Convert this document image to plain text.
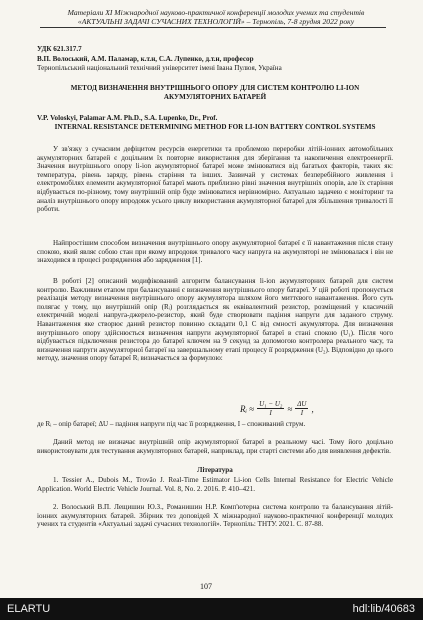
Матеріали XI Міжнародної науково-практичної конференції молодих учених та студентів
«АКТУАЛЬНІ ЗАДАЧІ СУЧАСНИХ ТЕХНОЛОГІЙ» – Тернопіль, 7-8 грудня 2022 року

УДК 621.317.7

В.П. Волоський, А.М. Паламар, к.т.н, С.А. Лупенко, д.т.н, професор

Тернопільський національний технічний університет імені Івана Пулюя, Україна

МЕТОД ВИЗНАЧЕННЯ ВНУТРІШНЬОГО ОПОРУ ДЛЯ СИСТЕМ КОНТРОЛЮ LI-ION АКУМУЛЯТОРНИХ БАТАРЕЙ

V.P. Voloskyi, Palamar A.M. Ph.D., S.A. Lupenko, Dr., Prof.

INTERNAL RESISTANCE DETERMINING METHOD FOR LI-ION BATTERY CONTROL SYSTEMS

У зв'язку з сучасним дефіцитом ресурсів енергетики та проблемою переробки літій-іонних автомобільних акумуляторних батарей є доцільним їх повторне використання для зберігання та накопичення електроенергії. Значення внутрішнього опору li-ion акумуляторної батареї може змінюватися від багатьох факторів, таких як: температура, рівень заряду, рівень старіння та інших. Зазвичай у системах безперебійного живлення і електромобілях елементи акумуляторної батареї мають приблизно рівні значення внутрішніх опорів, але їх старіння відбувається по-різному, тому внутрішній опір буде змінюватися нерівномірно. Актуально задачею є моніторинг та аналіз внутрішнього опору впродовж усього циклу використання акумуляторної батареї для збільшення тривалості її роботи.

Найпростішим способом визначення внутрішнього опору акумуляторної батареї є її навантаження після стану спокою, який являє собою стан при якому впродовж тривалого часу напруга на акумуляторі не змінювалася і він не знаходився в процесі розрядження або зарядження [1].

В роботі [2] описаний модифікований алгоритм балансування li-ion акумуляторних батарей для систем контролю. Важливим етапом при балансуванні є визначення внутрішнього опору батареї. У цій роботі пропонується реалізація методу визначення внутрішнього опору акумулятора шляхом його миттєвого навантаження. Його суть полягає у тому, що внутрішній опір (Rᵢ) розглядається як еквівалентний резистор, розміщений у класичній електричній моделі напруга-джерело-резистор, який буде створювати падіння напруги для заданого струму. Навантаження яке створює даний резистор повинно складати 0,1 С від ємності акумулятора. Для визначення внутрішнього опору здійснюється визначення напруги акумуляторної батареї в стані спокою (U₁). Після чого відбувається підключення резистора до батареї ключем на 9 секунд за допомогою контролера реального часу, та визначення напруги акумуляторної батареї на завершальному етапі процесу її розрядження (U₂). Відповідно до цього методу, значення опору батареї Rᵢ визначається за формулою:

Rᵢ ≈ $\frac{\text{U₁ − U₂}}{I} \approx \frac{\Delta U}{I}$ ,

де Rᵢ – опір батареї; ΔU – падіння напруги під час її розрядження, I – споживаний струм.

Даний метод не визначає внутрішній опір акумуляторної батареї в реальному часі. Тому його доцільно використовувати для тестування акумуляторних батарей, наприклад, при старті системи або для виявлення дефектів.

Література

1. Tessier A., Dubois M., Trovão J. Real-Time Estimator Li-ion Cells Internal Resistance for Electric Vehicle Application. World Electric Vehicle Journal. Vol. 8, No. 2. 2016. P. 410–421.

2. Волоський В.П. Лещишин Ю.З., Романишин Н.Р. Комп'ютерна система контролю та балансування літій-іонних акумуляторних батарей. Збірник тез доповідей Х міжнародної науково-практичної конференції молодих учених та студентів «Актуальні задачі сучасних технологій». Тернопіль: ТНТУ. 2021. С. 87-88.

107
ELARTU	hdl:lib/40683
